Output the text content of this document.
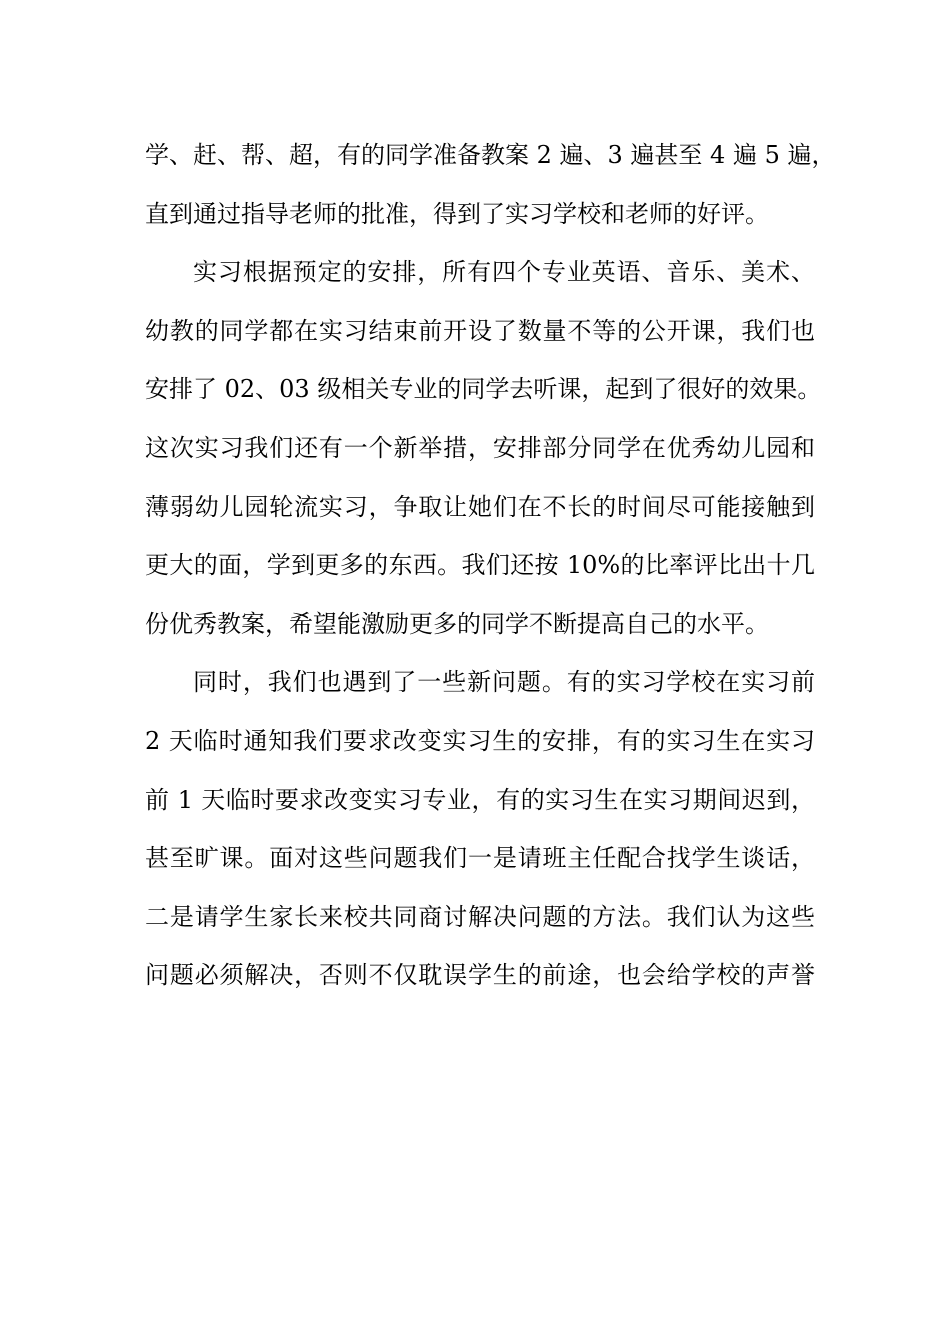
学、赶、帮、超，有的同学准备教案 2 遍、3 遍甚至 4 遍 5 遍，
直到通过指导老师的批准，得到了实习学校和老师的好评。
实习根据预定的安排，所有四个专业英语、音乐、美术、
幼教的同学都在实习结束前开设了数量不等的公开课，我们也
安排了 02、03 级相关专业的同学去听课，起到了很好的效果。
这次实习我们还有一个新举措，安排部分同学在优秀幼儿园和
薄弱幼儿园轮流实习，争取让她们在不长的时间尽可能接触到
更大的面，学到更多的东西。我们还按 10%的比率评比出十几
份优秀教案，希望能激励更多的同学不断提高自己的水平。
同时，我们也遇到了一些新问题。有的实习学校在实习前
2 天临时通知我们要求改变实习生的安排，有的实习生在实习
前 1 天临时要求改变实习专业，有的实习生在实习期间迟到，
甚至旷课。面对这些问题我们一是请班主任配合找学生谈话，
二是请学生家长来校共同商讨解决问题的方法。我们认为这些
问题必须解决，否则不仅耽误学生的前途，也会给学校的声誉
